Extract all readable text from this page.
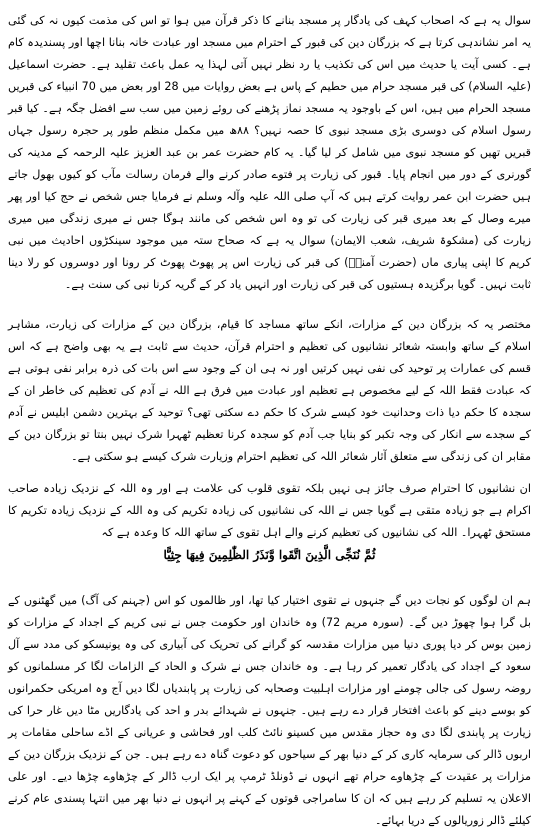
سوال یہ ہے کہ اصحاب کہف کی یادگار پر مسجد بنانے کا ذکر قرآن میں ہوا تو اس کی مذمت کیوں نہ کی گئی یہ امر نشاندہی کرتا ہے کہ بزرگان دین کی قبور کے احترام میں مسجد اور عبادت خانہ بنانا اچھا اور پسندیدہ کام ہے۔ کسی آیت یا حدیث میں اس کی تکذیب یا رد نظر نہیں آتی لہذا یہ عمل باعث تقلید ہے۔ حضرت اسماعیل (علیہ السلام) کی قبر مسجد حرام میں حطیم کے پاس ہے بعض روایات میں 28 اور بعض میں 70 انبیاء کی قبریں مسجد الحرام میں ہیں، اس کے باوجود یہ مسجد نماز پڑھنے کی روئے زمین میں سب سے افضل جگہ ہے۔ کیا قبر رسول اسلام کی دوسری بڑی مسجد نبوی کا حصہ نہیں؟ ۸۸ھ میں مکمل منظم طور پر حجرہ رسول جہاں قبریں تھیں کو مسجد نبوی میں شامل کر لیا گیا۔ یہ کام حضرت عمر بن عبد العزیز علیہ الرحمہ کے مدینہ کی گورنری کے دور میں انجام پایا۔ قبور کی زیارت پر فتوے صادر کرنے والے فرمان رسالت مآب کو کیوں بھول جاتے ہیں حضرت ابن عمر روایت کرتے ہیں کہ آپ صلی اللہ علیہ وآلہ وسلم نے فرمایا جس شخص نے حج کیا اور پھر میرے وصال کے بعد میری قبر کی زیارت کی تو وہ اس شخص کی مانند ہوگا جس نے میری زندگی میں میری زیارت کی (مشکوۃ شریف، شعب الایمان) سوال یہ ہے کہ صحاح ستہ میں موجود سینکڑوں احادیث میں نبی کریم کا اپنی پیاری ماں (حضرت آمنہؓ) کی قبر کی زیارت اس پر پھوٹ پھوٹ کر رونا اور دوسروں کو رلا دینا ثابت نہیں۔ گویا برگزیدہ ہستیوں کی قبر کی زیارت اور انہیں یاد کر کے گریہ کرنا نبی کی سنت ہے۔

مختصر یہ کہ بزرگان دین کے مزارات، انکے ساتھ مساجد کا قیام، بزرگان دین کے مزارات کی زیارت، مشاہر اسلام کے ساتھ وابستہ شعائر نشانیوں کی تعظیم و احترام قرآن، حدیث سے ثابت ہے یہ بھی واضح ہے کہ اس قسم کی عمارات پر توحید کی نفی نہیں کرتیں اور نہ ہی ان کے وجود سے اس بات کی ذرہ برابر نفی ہوتی ہے کہ عبادت فقط اللہ کے لیے مخصوص ہے تعظیم اور عبادت میں فرق ہے اللہ نے آدم کی تعظیم کی خاطر ان کے سجدہ کا حکم دیا ذات وحدانیت خود کیسے شرک کا حکم دے سکتی تھی؟ توحید کے بہترین دشمن ابلیس نے آدم کے سجدے سے انکار کی وجہ تکبر کو بنایا جب آدم کو سجدہ کرنا تعظیم ٹھہرا شرک نہیں بنتا تو بزرگان دین کے مقابر ان کی زندگی سے متعلق آثار شعائر اللہ کی تعظیم احترام وزیارت شرک کیسے ہو سکتی ہے۔

ان نشانیوں کا احترام صرف جائز ہی نہیں بلکہ تقوی قلوب کی علامت ہے اور وہ اللہ کے نزدیک زیادہ صاحب اکرام ہے جو زیادہ متقی ہے گویا جس نے اللہ کی نشانیوں کی زیادہ تکریم کی وہ اللہ کے نزدیک زیادہ تکریم کا مستحق ٹھہرا۔ اللہ کی نشانیوں کی تعظیم کرنے والے اہل تقوی کے ساتھ اللہ کا وعدہ ہے کہ

ثُمَّ نُنَجِّى الَّذِينَ اتَّقَوا وَّنَذَرُ الظّٰلِمِينَ فِيهَا جِثِيًّا

ہم ان لوگوں کو نجات دیں گے جنہوں نے تقوی اختیار کیا تھا، اور ظالموں کو اس (جہنم کی آگ) میں گھٹنوں کے بل گرا ہوا چھوڑ دیں گے۔ (سورہ مریم 72) وہ خاندان اور حکومت جس نے نبی کریم کے اجداد کے مزارات کو زمین بوس کر دیا پوری دنیا میں مزارات مقدسہ کو گرانے کی تحریک کی آبیاری کی وہ یونیسکو کی مدد سے آل سعود کے اجداد کی یادگار تعمیر کر رہا ہے۔ وہ خاندان جس نے شرک و الحاد کے الزامات لگا کر مسلمانوں کو روضہ رسول کی جالی چومنے اور مزارات اہلبیت وصحابہ کی زیارت پر پابندیاں لگا دیں آج وہ امریکی حکمرانوں کو بوسے دینے کو باعث افتخار قرار دے رہے ہیں۔ جنہوں نے شہدائے بدر و احد کی یادگاریں مٹا دیں غار حرا کی زیارت پر پابندی لگا دی وہ حجاز مقدس میں کسینو نائٹ کلب اور فحاشی و عریانی کے اڈے ساحلی مقامات پر اربوں ڈالر کی سرمایہ کاری کر کے دنیا بھر کے سیاحوں کو دعوت گناہ دے رہے ہیں۔ جن کے نزدیک بزرگان دین کے مزارات پر عقیدت کے چڑھاوے حرام تھے انہوں نے ڈونلڈ ٹرمپ پر ایک ارب ڈالر کے چڑھاوے چڑھا دیے۔ اور علی الاعلان یہ تسلیم کر رہے ہیں کہ ان کا سامراجی قوتوں کے کہنے پر انہوں نے دنیا بھر میں انتہا پسندی عام کرنے کیلئے ڈالر زوریالوں کے دریا بہائے۔
